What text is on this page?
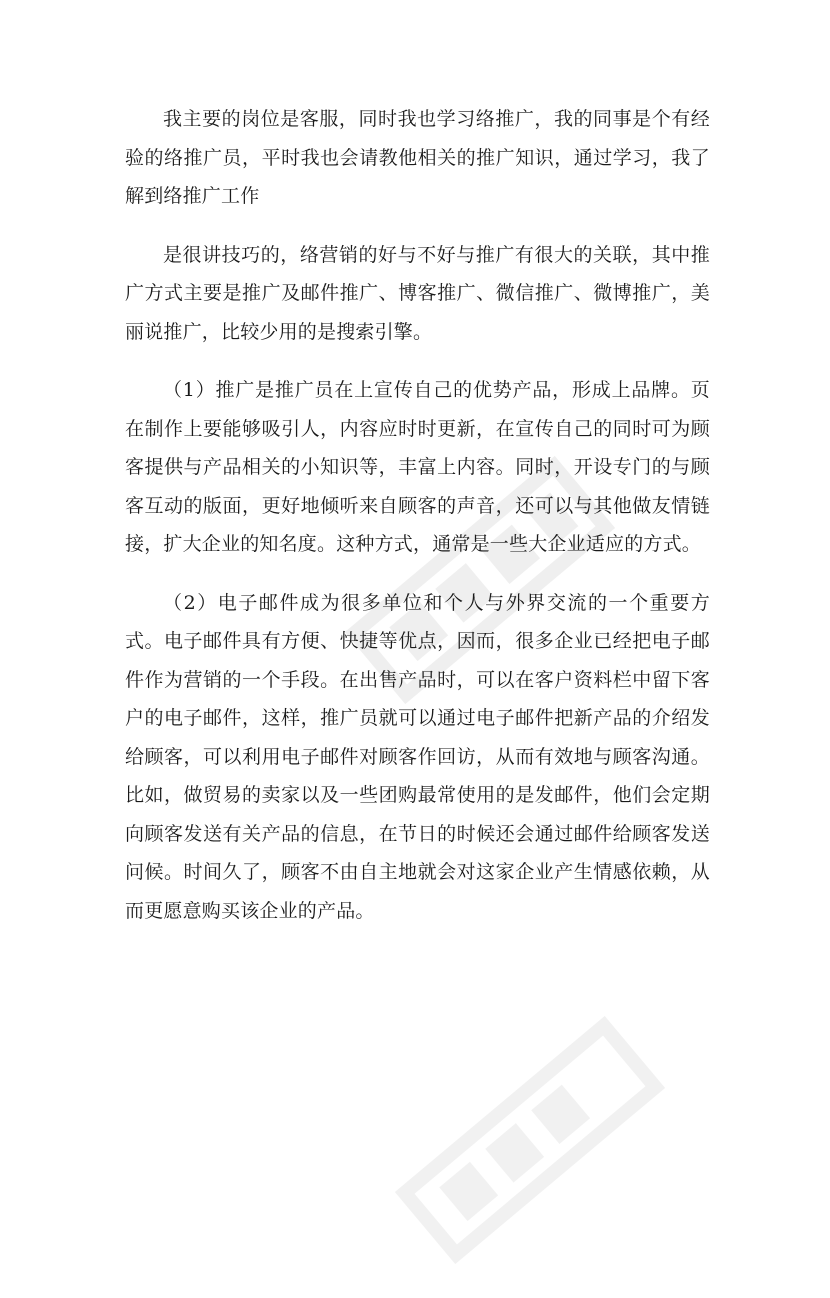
我主要的岗位是客服，同时我也学习络推广，我的同事是个有经验的络推广员，平时我也会请教他相关的推广知识，通过学习，我了解到络推广工作

是很讲技巧的，络营销的好与不好与推广有很大的关联，其中推广方式主要是推广及邮件推广、博客推广、微信推广、微博推广，美丽说推广，比较少用的是搜索引擎。

（1）推广是推广员在上宣传自己的优势产品，形成上品牌。页在制作上要能够吸引人，内容应时时更新，在宣传自己的同时可为顾客提供与产品相关的小知识等，丰富上内容。同时，开设专门的与顾客互动的版面，更好地倾听来自顾客的声音，还可以与其他做友情链接，扩大企业的知名度。这种方式，通常是一些大企业适应的方式。

（2）电子邮件成为很多单位和个人与外界交流的一个重要方式。电子邮件具有方便、快捷等优点，因而，很多企业已经把电子邮件作为营销的一个手段。在出售产品时，可以在客户资料栏中留下客户的电子邮件，这样，推广员就可以通过电子邮件把新产品的介绍发给顾客，可以利用电子邮件对顾客作回访，从而有效地与顾客沟通。比如，做贸易的卖家以及一些团购最常使用的是发邮件，他们会定期向顾客发送有关产品的信息，在节日的时候还会通过邮件给顾客发送问候。时间久了，顾客不由自主地就会对这家企业产生情感依赖，从而更愿意购买该企业的产品。
